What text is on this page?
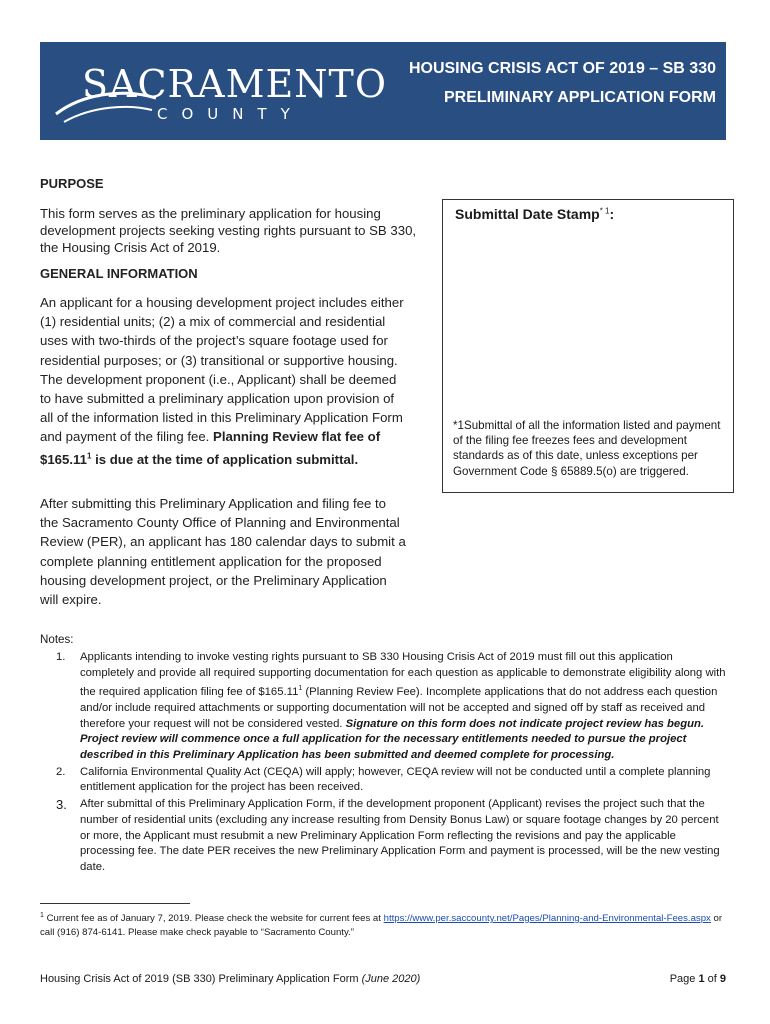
SACRAMENTO
COUNTY
HOUSING CRISIS ACT OF 2019 – SB 330
PRELIMINARY APPLICATION FORM
PURPOSE
This form serves as the preliminary application for housing development projects seeking vesting rights pursuant to SB 330, the Housing Crisis Act of 2019.
GENERAL INFORMATION
An applicant for a housing development project includes either (1) residential units; (2) a mix of commercial and residential uses with two-thirds of the project’s square footage used for residential purposes; or (3) transitional or supportive housing. The development proponent (i.e., Applicant) shall be deemed to have submitted a preliminary application upon provision of all of the information listed in this Preliminary Application Form and payment of the filing fee. Planning Review flat fee of $165.11$^1$ is due at the time of application submittal.
After submitting this Preliminary Application and filing fee to the Sacramento County Office of Planning and Environmental Review (PER), an applicant has 180 calendar days to submit a complete planning entitlement application for the proposed housing development project, or the Preliminary Application will expire.
Submittal Date Stamp$^{* 1}$:
*1Submittal of all the information listed and payment of the filing fee freezes fees and development standards as of this date, unless exceptions per Government Code § 65889.5(o) are triggered.
Notes:
1. Applicants intending to invoke vesting rights pursuant to SB 330 Housing Crisis Act of 2019 must fill out this application completely and provide all required supporting documentation for each question as applicable to demonstrate eligibility along with the required application filing fee of $165.11$^1$ (Planning Review Fee). Incomplete applications that do not address each question and/or include required attachments or supporting documentation will not be accepted and signed off by staff as received and therefore your request will not be considered vested. Signature on this form does not indicate project review has begun. Project review will commence once a full application for the necessary entitlements needed to pursue the project described in this Preliminary Application has been submitted and deemed complete for processing.
2. California Environmental Quality Act (CEQA) will apply; however, CEQA review will not be conducted until a complete planning entitlement application for the project has been received.
3. After submittal of this Preliminary Application Form, if the development proponent (Applicant) revises the project such that the number of residential units (excluding any increase resulting from Density Bonus Law) or square footage changes by 20 percent or more, the Applicant must resubmit a new Preliminary Application Form reflecting the revisions and pay the applicable processing fee. The date PER receives the new Preliminary Application Form and payment is processed, will be the new vesting date.
$^1$ Current fee as of January 7, 2019. Please check the website for current fees at https://www.per.saccounty.net/Pages/Planning-and-Environmental-Fees.aspx or call (916) 874-6141. Please make check payable to “Sacramento County.”
Housing Crisis Act of 2019 (SB 330) Preliminary Application Form (June 2020)	Page 1 of 9
